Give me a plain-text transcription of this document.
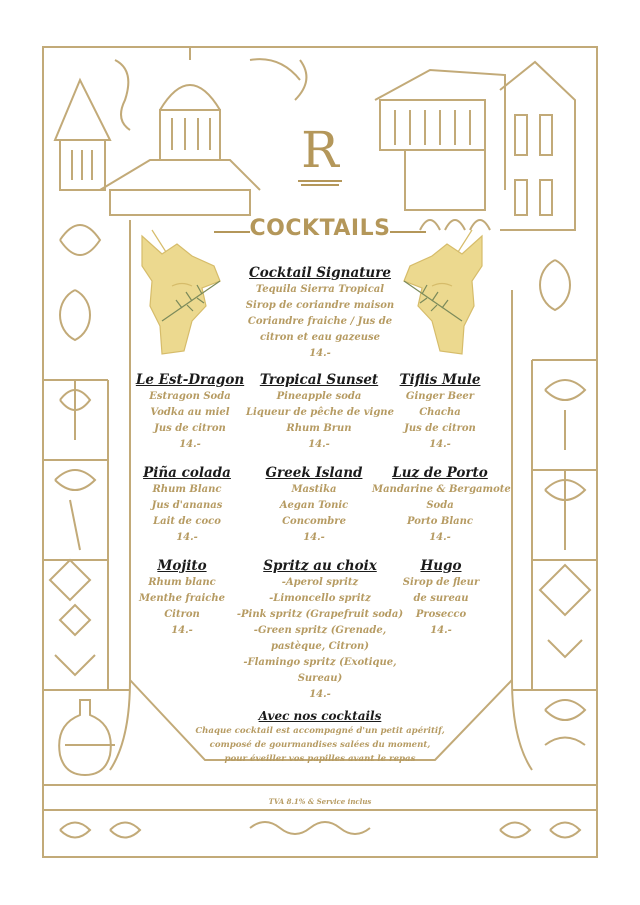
R
COCKTAILS
Cocktail Signature
Tequila Sierra Tropical
Sirop de coriandre maison
Coriandre fraiche / Jus de
citron et eau gazeuse
14.-
Le Est-Dragon
Estragon Soda
Vodka au miel
Jus de citron
14.-
Tropical Sunset
Pineapple soda
Liqueur de pêche de vigne
Rhum Brun
14.-
Tiflis Mule
Ginger Beer
Chacha
Jus de citron
14.-
Piña colada
Rhum Blanc
Jus d'ananas
Lait de coco
14.-
Greek Island
Mastika
Aegan Tonic
Concombre
14.-
Luz de Porto
Mandarine & Bergamote
Soda
Porto Blanc
14.-
Mojito
Rhum blanc
Menthe fraiche
Citron
14.-
Spritz au choix
-Aperol spritz
-Limoncello spritz
-Pink spritz (Grapefruit soda)
-Green spritz (Grenade,
pastèque, Citron)
-Flamingo spritz (Exotique,
Sureau)
14.-
Hugo
Sirop de fleur
de sureau
Prosecco
14.-
Avec nos cocktails
Chaque cocktail est accompagné d'un petit apéritif,
composé de gourmandises salées du moment,
pour éveiller vos papilles avant le repas
TVA 8.1% & Service inclus
